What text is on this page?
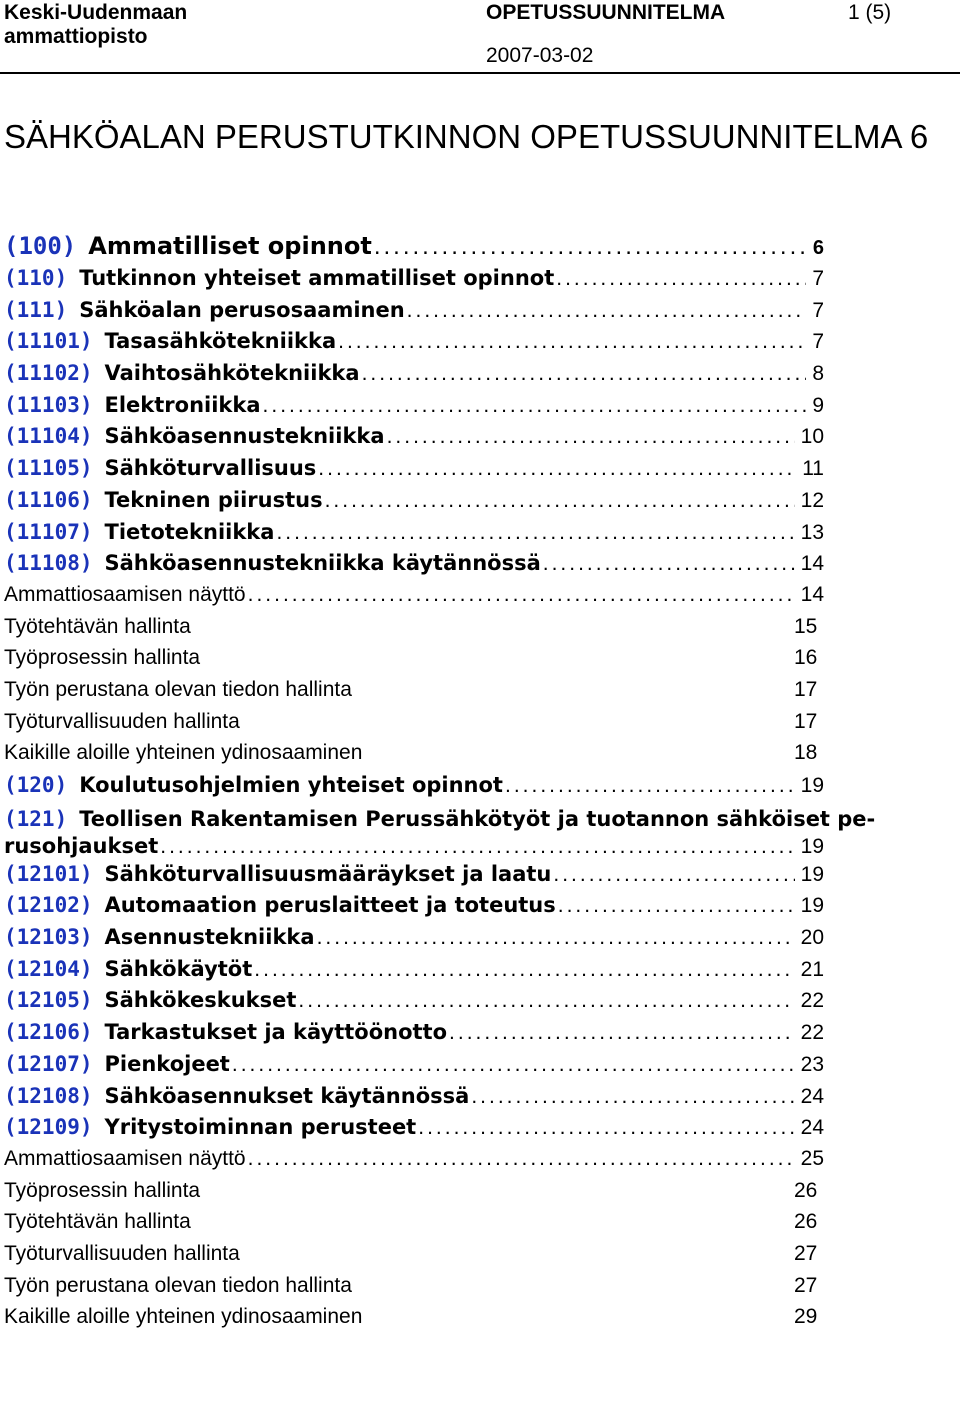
Keski-Uudenmaan ammattiopisto
OPETUSSUUNNITELMA	1 (5)
2007-03-02
SÄHKÖALAN PERUSTUTKINNON OPETUSSUUNNITELMA 6
(100) Ammatilliset opinnot .....	6
(110) Tutkinnon yhteiset ammatilliset opinnot .....	7
(111) Sähköalan perusosaaminen .....	7
(11101) Tasasähkötekniikka .....	7
(11102) Vaihtosähkötekniikka .....	8
(11103) Elektroniikka .....	9
(11104) Sähköasennustekniikka .....	10
(11105) Sähköturvallisuus .....	11
(11106) Tekninen piirustus .....	12
(11107) Tietotekniikka .....	13
(11108) Sähköasennustekniikka käytännössä .....	14
Ammattiosaamisen näyttö .....	14
Työtehtävän hallinta	15
Työprosessin hallinta	16
Työn perustana olevan tiedon hallinta	17
Työturvallisuuden hallinta	17
Kaikille aloille yhteinen ydinosaaminen	18
(120) Koulutusohjelmien yhteiset opinnot .....	19
(121) Teollisen Rakentamisen Perussähkötyöt ja tuotannon sähköiset pe-
rusohjaukset .....	19
(12101) Sähköturvallisuusmääräykset ja laatu .....	19
(12102) Automaation peruslaitteet ja toteutus .....	19
(12103) Asennustekniikka .....	20
(12104) Sähkökäytöt .....	21
(12105) Sähkökeskukset .....	22
(12106) Tarkastukset ja käyttöönotto .....	22
(12107) Pienkojeet .....	23
(12108) Sähköasennukset käytännössä .....	24
(12109) Yritystoiminnan perusteet .....	24
Ammattiosaamisen näyttö .....	25
Työprosessin hallinta	26
Työtehtävän hallinta	26
Työturvallisuuden hallinta	27
Työn perustana olevan tiedon hallinta	27
Kaikille aloille yhteinen ydinosaaminen	29
